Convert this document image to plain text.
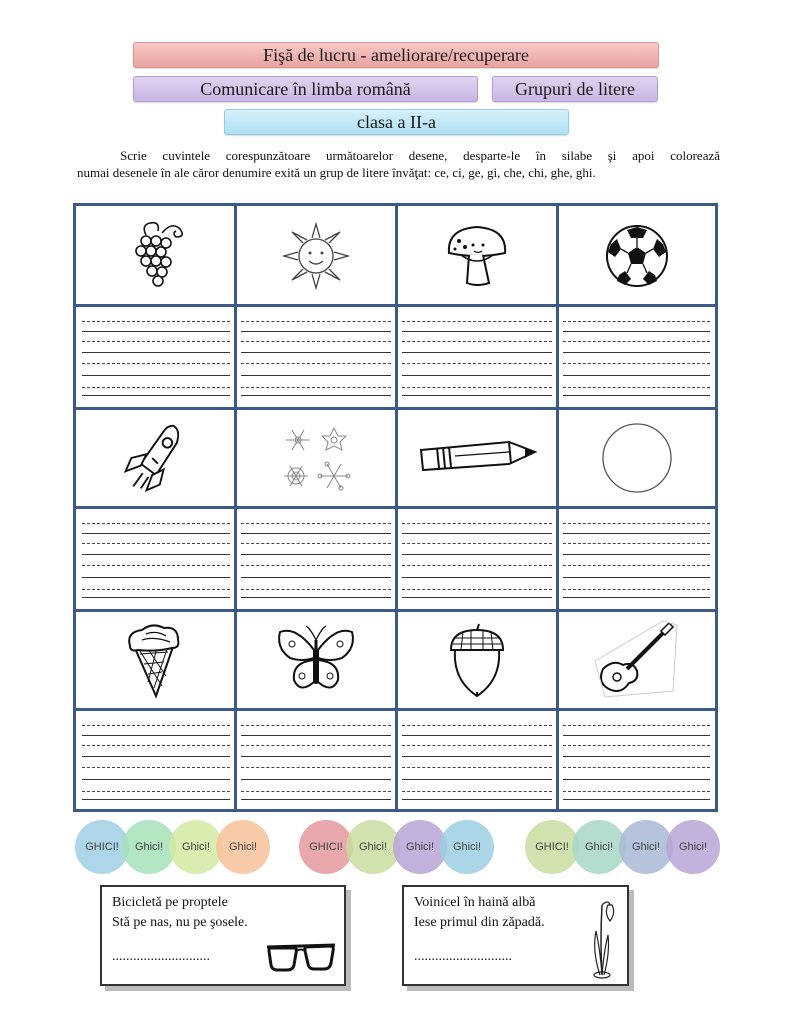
Fişă de lucru - ameliorare/recuperare
Comunicare în limba română	Grupuri de litere
clasa a II-a
Scrie cuvintele corespunzătoare următoarelor desene, desparte-le în silabe şi apoi colorează
numai desenele în ale căror denumire exită un grup de litere învăţat: ce, ci, ge, gi, che, chi, ghe, ghi.
GHICI!	Ghici!	Ghici!	Ghici!	GHICI!	Ghici!	Ghici!	Ghici!	GHICI!	Ghici!	Ghici!	Ghici!
Bicicletă pe proptele
Stă pe nas, nu pe şosele.
............................
Voinicel în haină albă
Iese primul din zăpadă.
............................
